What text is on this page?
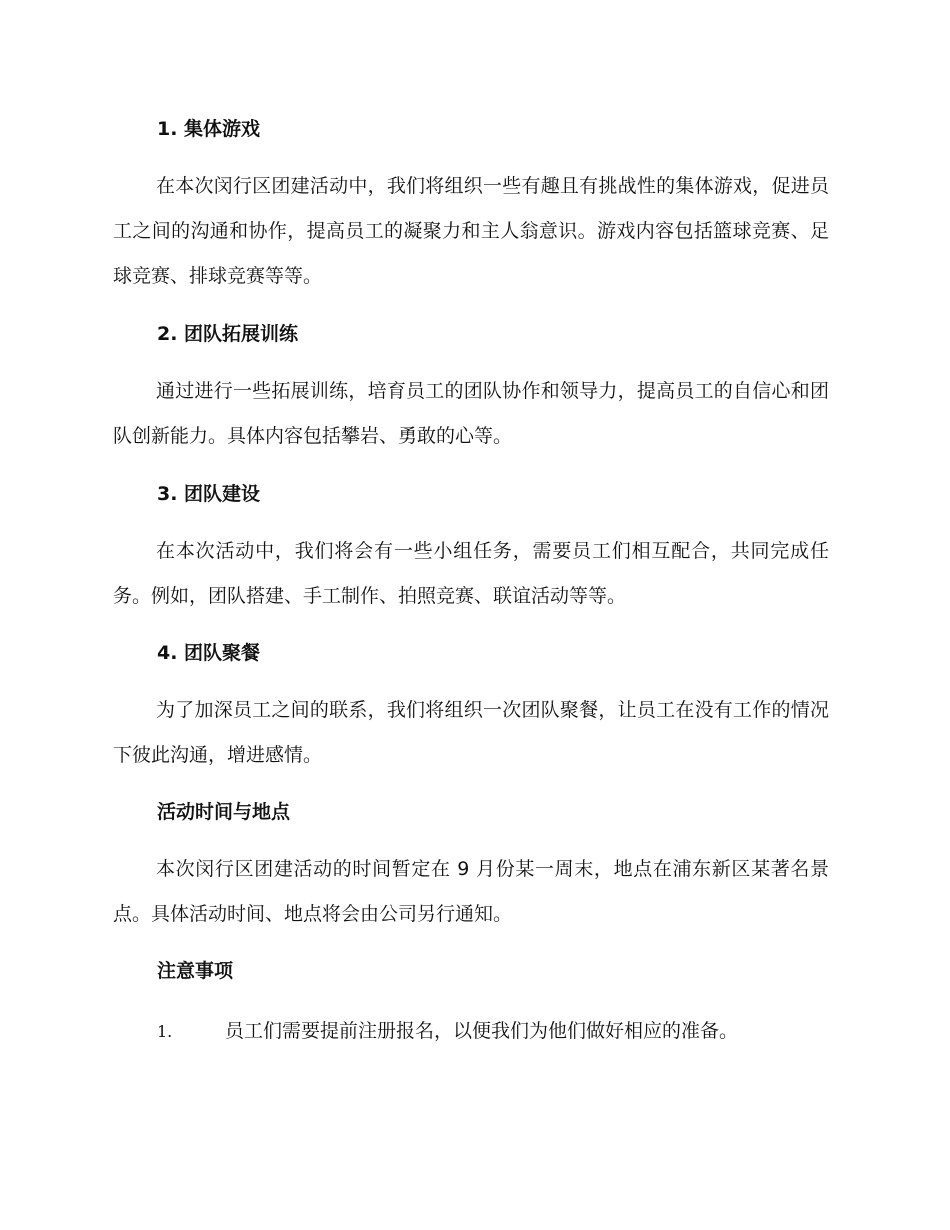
1. 集体游戏
在本次闵行区团建活动中，我们将组织一些有趣且有挑战性的集体游戏，促进员工之间的沟通和协作，提高员工的凝聚力和主人翁意识。游戏内容包括篮球竞赛、足球竞赛、排球竞赛等等。
2. 团队拓展训练
通过进行一些拓展训练，培育员工的团队协作和领导力，提高员工的自信心和团队创新能力。具体内容包括攀岩、勇敢的心等。
3. 团队建设
在本次活动中，我们将会有一些小组任务，需要员工们相互配合，共同完成任务。例如，团队搭建、手工制作、拍照竞赛、联谊活动等等。
4. 团队聚餐
为了加深员工之间的联系，我们将组织一次团队聚餐，让员工在没有工作的情况下彼此沟通，增进感情。
活动时间与地点
本次闵行区团建活动的时间暂定在 9 月份某一周末，地点在浦东新区某著名景点。具体活动时间、地点将会由公司另行通知。
注意事项
1.	员工们需要提前注册报名，以便我们为他们做好相应的准备。
